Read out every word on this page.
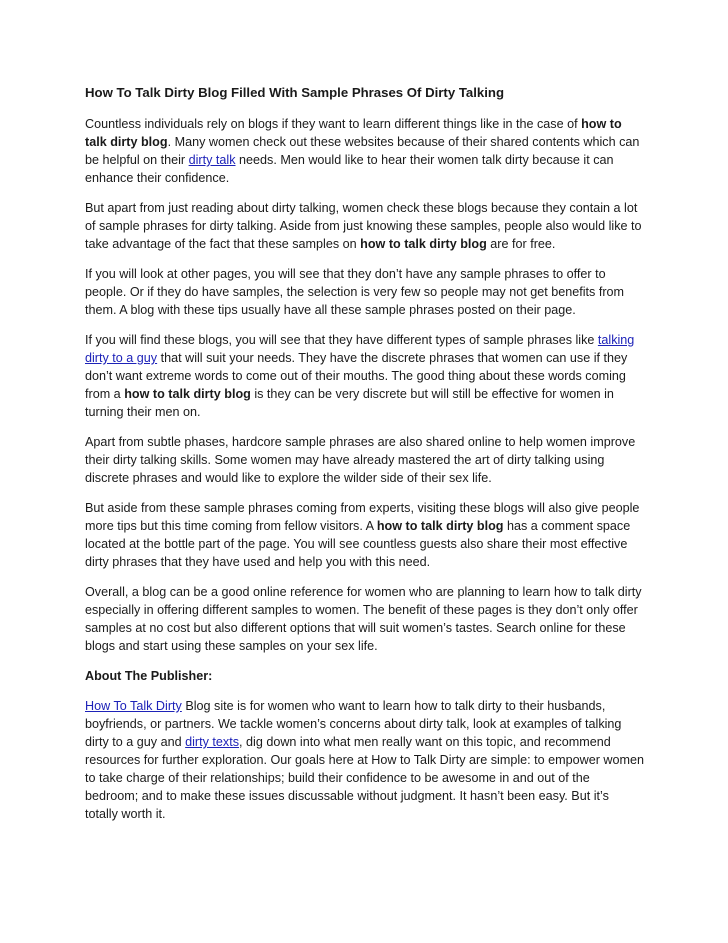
How To Talk Dirty Blog Filled With Sample Phrases Of Dirty Talking

Countless individuals rely on blogs if they want to learn different things like in the case of how to talk dirty blog. Many women check out these websites because of their shared contents which can be helpful on their dirty talk needs. Men would like to hear their women talk dirty because it can enhance their confidence.

But apart from just reading about dirty talking, women check these blogs because they contain a lot of sample phrases for dirty talking. Aside from just knowing these samples, people also would like to take advantage of the fact that these samples on how to talk dirty blog are for free.

If you will look at other pages, you will see that they don’t have any sample phrases to offer to people. Or if they do have samples, the selection is very few so people may not get benefits from them. A blog with these tips usually have all these sample phrases posted on their page.

If you will find these blogs, you will see that they have different types of sample phrases like talking dirty to a guy that will suit your needs. They have the discrete phrases that women can use if they don’t want extreme words to come out of their mouths. The good thing about these words coming from a how to talk dirty blog is they can be very discrete but will still be effective for women in turning their men on.

Apart from subtle phases, hardcore sample phrases are also shared online to help women improve their dirty talking skills. Some women may have already mastered the art of dirty talking using discrete phrases and would like to explore the wilder side of their sex life.

But aside from these sample phrases coming from experts, visiting these blogs will also give people more tips but this time coming from fellow visitors. A how to talk dirty blog has a comment space located at the bottle part of the page. You will see countless guests also share their most effective dirty phrases that they have used and help you with this need.

Overall, a blog can be a good online reference for women who are planning to learn how to talk dirty especially in offering different samples to women. The benefit of these pages is they don’t only offer samples at no cost but also different options that will suit women’s tastes. Search online for these blogs and start using these samples on your sex life.

About The Publisher:

How To Talk Dirty Blog site is for women who want to learn how to talk dirty to their husbands, boyfriends, or partners. We tackle women’s concerns about dirty talk, look at examples of talking dirty to a guy and dirty texts, dig down into what men really want on this topic, and recommend resources for further exploration. Our goals here at How to Talk Dirty are simple: to empower women to take charge of their relationships; build their confidence to be awesome in and out of the bedroom; and to make these issues discussable without judgment. It hasn’t been easy. But it’s totally worth it.
